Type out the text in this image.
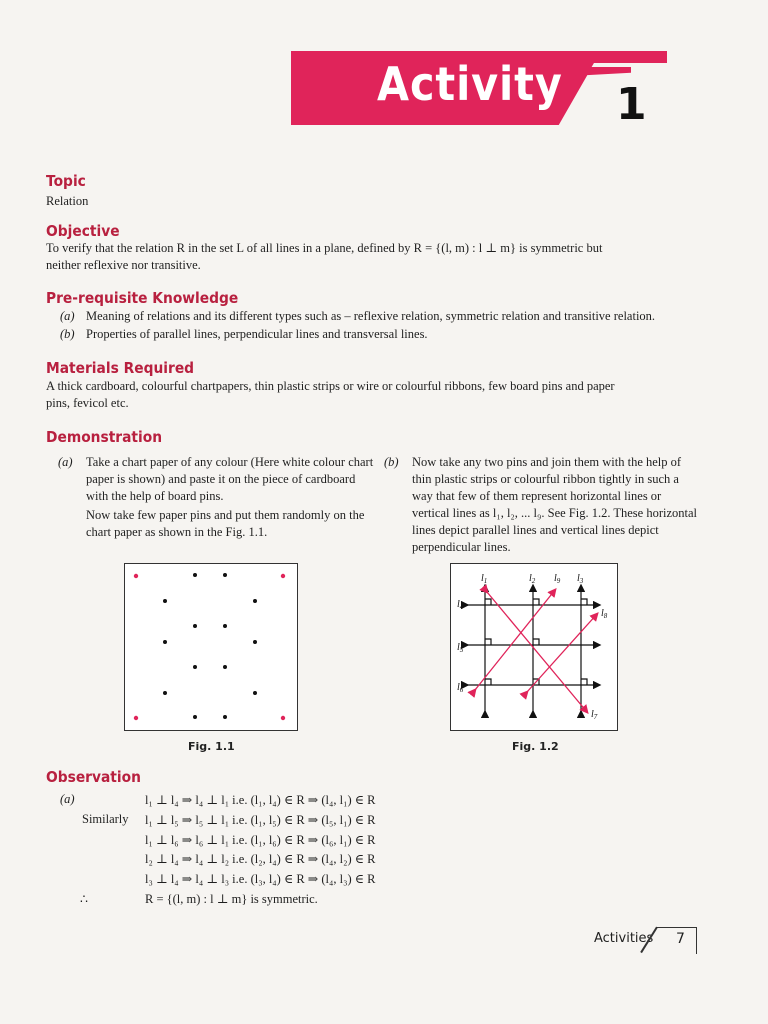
Activity 1
Topic
Relation
Objective
To verify that the relation R in the set L of all lines in a plane, defined by R = {(l, m) : l ⊥ m} is symmetric but
neither reflexive nor transitive.
Pre-requisite Knowledge
(a) Meaning of relations and its different types such as – reflexive relation, symmetric relation and transitive relation.
(b) Properties of parallel lines, perpendicular lines and transversal lines.
Materials Required
A thick cardboard, colourful chartpapers, thin plastic strips or wire or colourful ribbons, few board pins and paper
pins, fevicol etc.
Demonstration
(a) Take a chart paper of any colour (Here white colour chart paper is shown) and paste it on the piece of cardboard with the help of board pins.
Now take few paper pins and put them randomly on the chart paper as shown in the Fig. 1.1.
(b) Now take any two pins and join them with the help of thin plastic strips or colourful ribbon tightly in such a way that few of them represent horizontal lines or vertical lines as l₁, l₂, ... l₉. See Fig. 1.2. These horizontal lines depict parallel lines and vertical lines depict perpendicular lines.
Fig. 1.1
$l_1$	$l_2$ $l_9$ $l_3$
$l_4$
$l_8$
$l_5$
$l_6$
$l_7$
Fig. 1.2
Observation
(a)
Similarly
∴
l₁ ⊥ l₄ ⇒ l₄ ⊥ l₁ i.e. (l₁, l₄) ∈ R ⇒ (l₄, l₁) ∈ R
l₁ ⊥ l₅ ⇒ l₅ ⊥ l₁ i.e. (l₁, l₅) ∈ R ⇒ (l₅, l₁) ∈ R
l₁ ⊥ l₆ ⇒ l₆ ⊥ l₁ i.e. (l₁, l₆) ∈ R ⇒ (l₆, l₁) ∈ R
l₂ ⊥ l₄ ⇒ l₄ ⊥ l₂ i.e. (l₂, l₄) ∈ R ⇒ (l₄, l₂) ∈ R
l₃ ⊥ l₄ ⇒ l₄ ⊥ l₃ i.e. (l₃, l₄) ∈ R ⇒ (l₄, l₃) ∈ R
R = {(l, m) : l ⊥ m} is symmetric.
Activities 7
